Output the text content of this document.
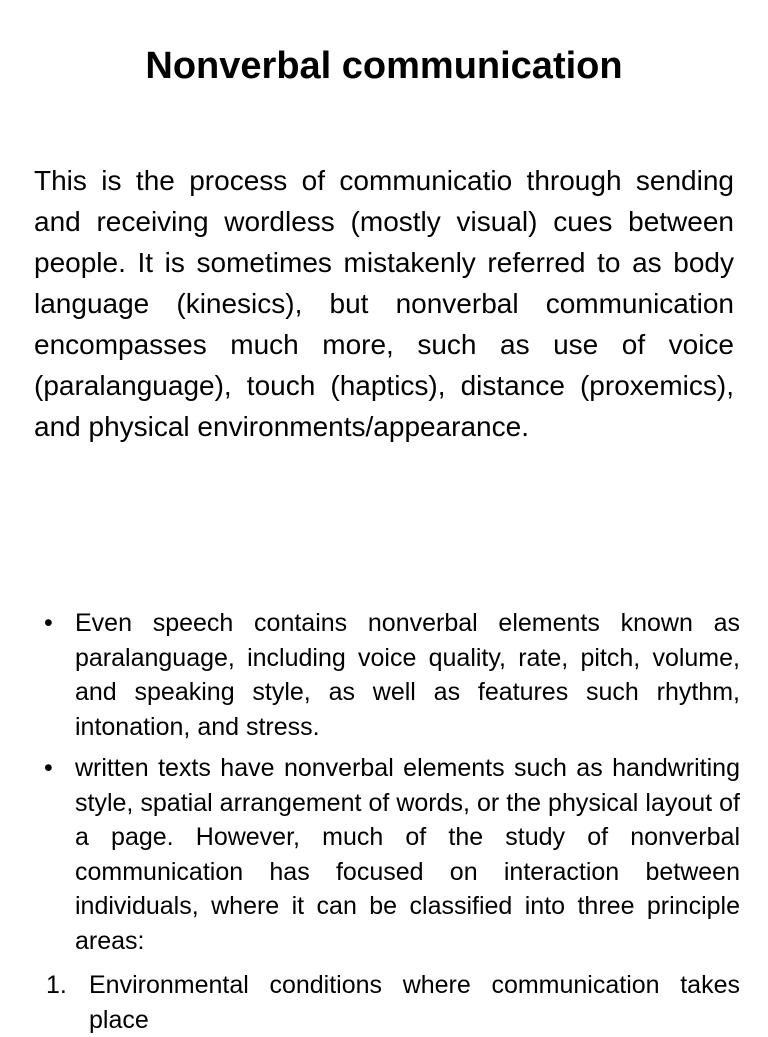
Nonverbal communication

This is the process of communicatio through sending and receiving wordless (mostly visual) cues between people. It is sometimes mistakenly referred to as body language (kinesics), but nonverbal communication encompasses much more, such as use of voice (paralanguage), touch (haptics), distance (proxemics), and physical environments/appearance.

• Even speech contains nonverbal elements known as paralanguage, including voice quality, rate, pitch, volume, and speaking style, as well as features such rhythm, intonation, and stress.
• written texts have nonverbal elements such as handwriting style, spatial arrangement of words, or the physical layout of a page. However, much of the study of nonverbal communication has focused on interaction between individuals, where it can be classified into three principle areas:
1. Environmental conditions where communication takes place
